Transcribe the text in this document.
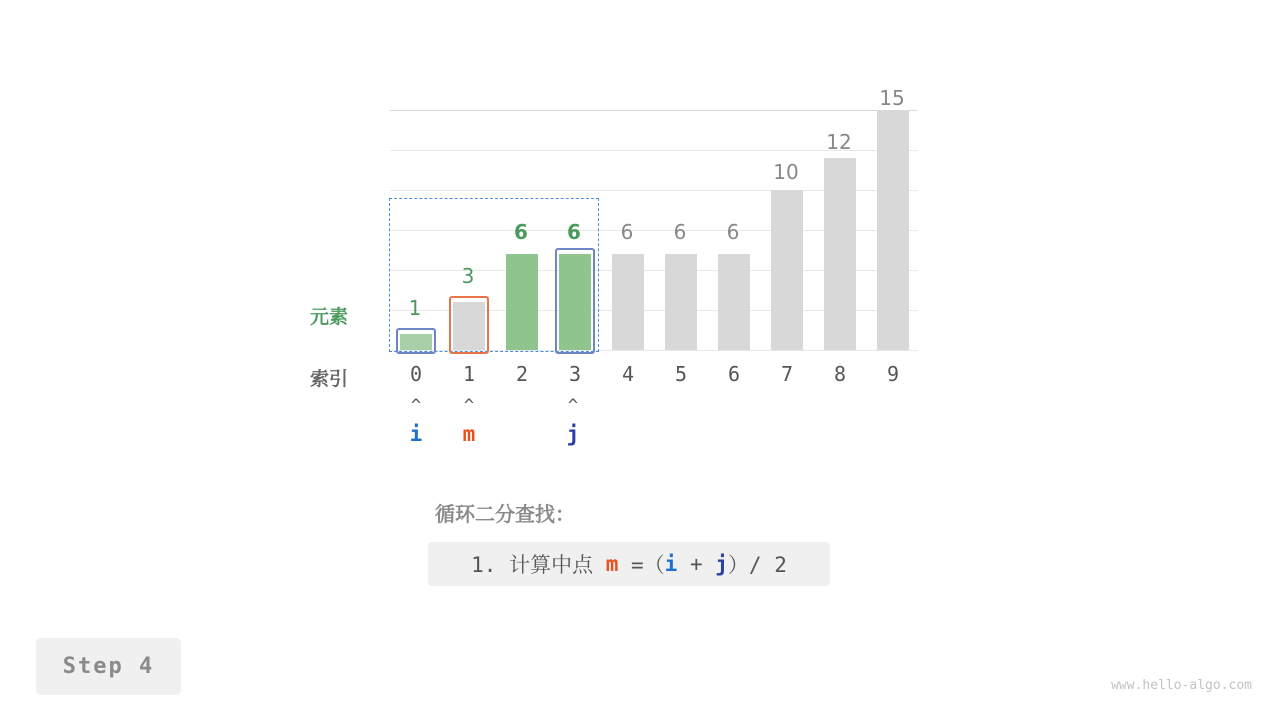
1
3
6	6	6	6	6
10
12
15
元素
索引	0	1	2	3	4	5	6	7	8	9
^	^	^
i	m	j
循环二分查找：
1. 计算中点 m =（ i + j ）/ 2
Step 4
www.hello-algo.com
